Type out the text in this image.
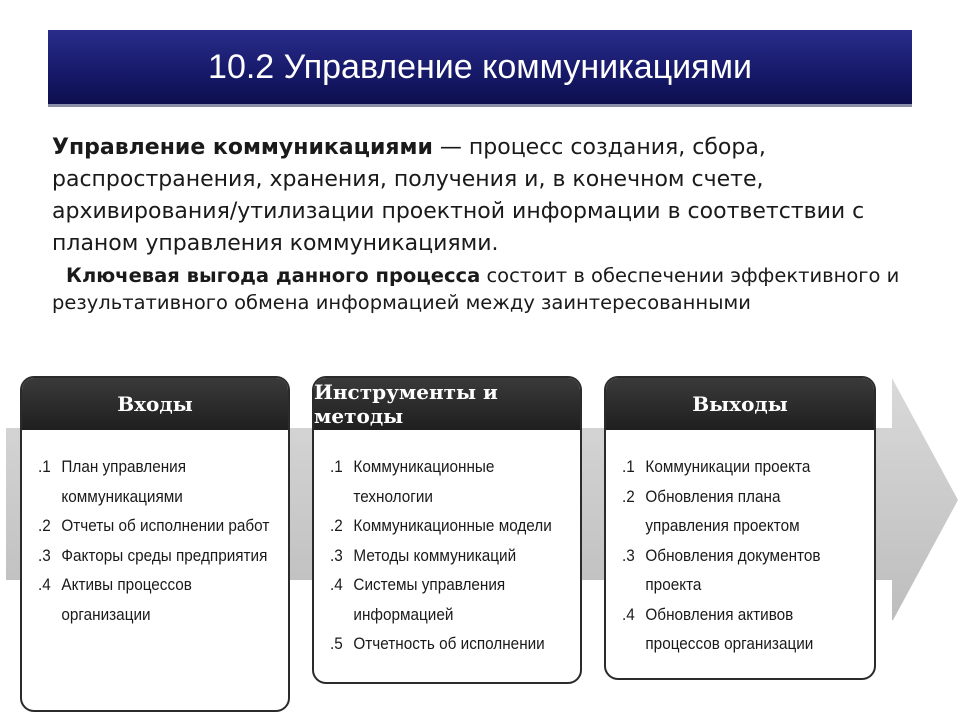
10.2 Управление коммуникациями
Управление коммуникациями — процесс создания, сбора, распространения, хранения, получения и, в конечном счете, архивирования/утилизации проектной информации в соответствии с планом управления коммуникациями.
Ключевая выгода данного процесса состоит в обеспечении эффективного и результативного обмена информацией между заинтересованными
Входы
.1 План управления коммуникациями
.2 Отчеты об исполнении работ
.3 Факторы среды предприятия
.4 Активы процессов организации
Инструменты и методы
.1 Коммуникационные технологии
.2 Коммуникационные модели
.3 Методы коммуникаций
.4 Системы управления информацией
.5 Отчетность об исполнении
Выходы
.1 Коммуникации проекта
.2 Обновления плана управления проектом
.3 Обновления документов проекта
.4 Обновления активов процессов организации
